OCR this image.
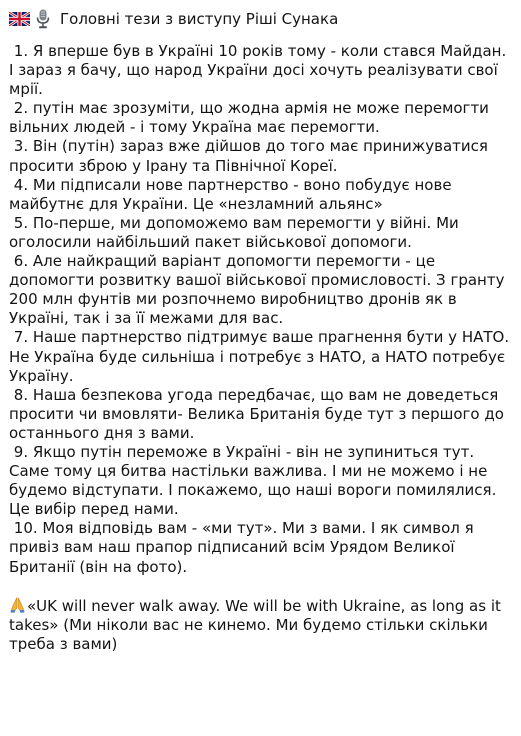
Головні тези з виступу Ріші Сунака

1. Я вперше був в Україні 10 років тому - коли стався Майдан. І зараз я бачу, що народ України досі хочуть реалізувати свої мрії.

2. путін має зрозуміти, що жодна армія не може перемогти вільних людей - і тому Україна має перемогти.

3. Він (путін) зараз вже дійшов до того має принижуватися просити зброю у Ірану та Північної Кореї.

4. Ми підписали нове партнерство - воно побудує нове майбутнє для України. Це «незламний альянс»

5. По-перше, ми допоможемо вам перемогти у війні. Ми оголосили найбільший пакет військової допомоги.

6. Але найкращий варіант допомогти перемогти - це допомогти розвитку вашої військової промисловості. З гранту 200 млн фунтів ми розпочнемо виробництво дронів як в Україні, так і за її межами для вас.

7. Наше партнерство підтримує ваше прагнення бути у НАТО. Не Україна буде сильніша і потребує з НАТО, а НАТО потребує Україну.

8. Наша безпекова угода передбачає, що вам не доведеться просити чи вмовляти- Велика Британія буде тут з першого до останнього дня з вами.

9. Якщо путін переможе в Україні - він не зупиниться тут. Саме тому ця битва настільки важлива. І ми не можемо і не будемо відступати. І покажемо, що наші вороги помилялися. Це вибір перед нами.

10. Моя відповідь вам - «ми тут». Ми з вами. І як символ я привіз вам наш прапор підписаний всім Урядом Великої Британії (він на фото).

«UK will never walk away. We will be with Ukraine, as long as it takes» (Ми ніколи вас не кинемо. Ми будемо стільки скільки треба з вами)
